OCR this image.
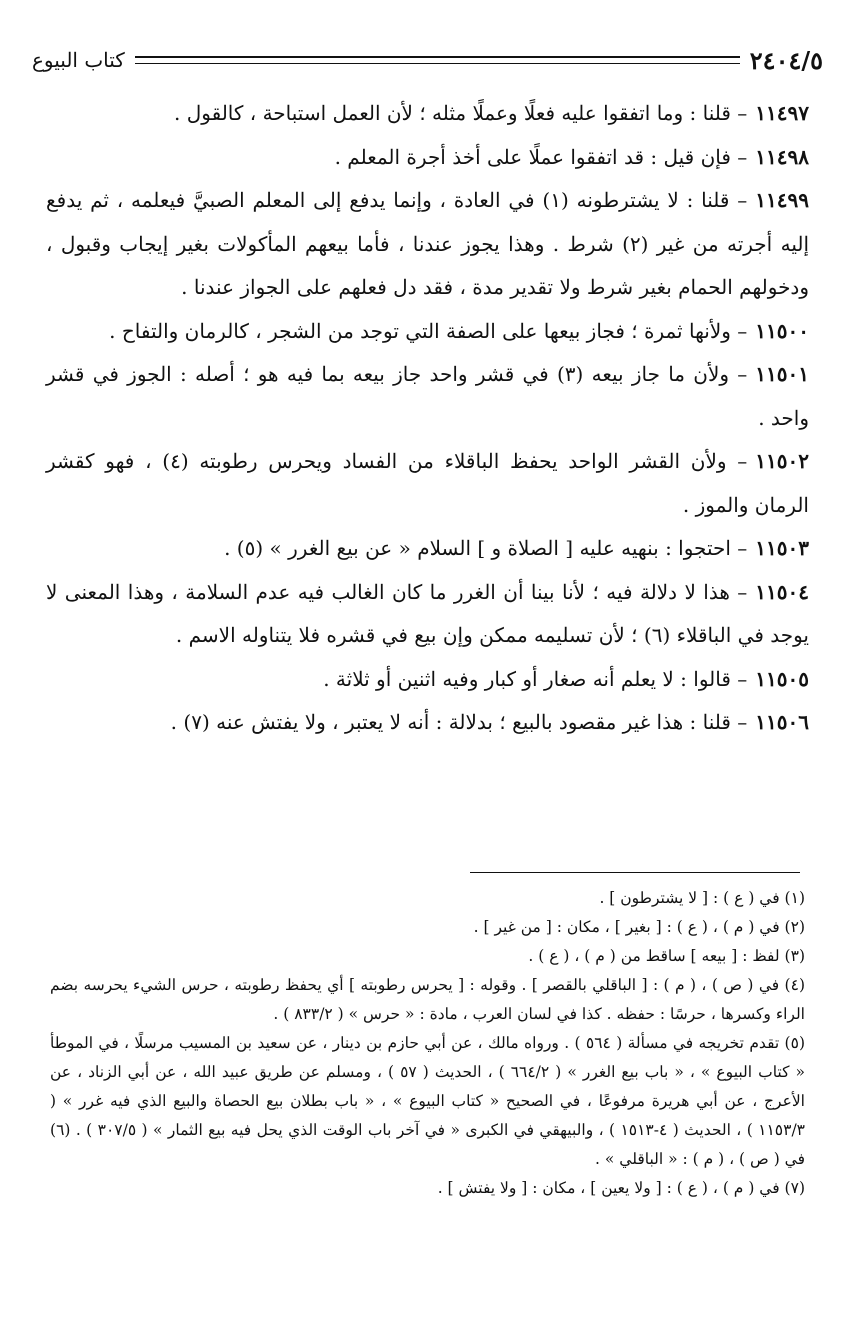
٢٤٠٤/٥
كتاب البيوع

١١٤٩٧– قلنا : وما اتفقوا عليه فعلًا وعملًا مثله ؛ لأن العمل استباحة ، كالقول .

١١٤٩٨– فإن قيل : قد اتفقوا عملًا على أخذ أجرة المعلم .

١١٤٩٩– قلنا : لا يشترطونه (١) في العادة ، وإنما يدفع إلى المعلم الصبيَّ فيعلمه ، ثم يدفع إليه أجرته من غير (٢) شرط . وهذا يجوز عندنا ، فأما بيعهم المأكولات بغير إيجاب وقبول ، ودخولهم الحمام بغير شرط ولا تقدير مدة ، فقد دل فعلهم على الجواز عندنا .

١١٥٠٠– ولأنها ثمرة ؛ فجاز بيعها على الصفة التي توجد من الشجر ، كالرمان والتفاح .

١١٥٠١– ولأن ما جاز بيعه (٣) في قشر واحد جاز بيعه بما فيه هو ؛ أصله : الجوز في قشر واحد .

١١٥٠٢– ولأن القشر الواحد يحفظ الباقلاء من الفساد ويحرس رطوبته (٤) ، فهو كقشر الرمان والموز .

١١٥٠٣– احتجوا : بنهيه عليه [ الصلاة و ] السلام « عن بيع الغرر » (٥) .

١١٥٠٤– هذا لا دلالة فيه ؛ لأنا بينا أن الغرر ما كان الغالب فيه عدم السلامة ، وهذا المعنى لا يوجد في الباقلاء (٦) ؛ لأن تسليمه ممكن وإن بيع في قشره فلا يتناوله الاسم .

١١٥٠٥– قالوا : لا يعلم أنه صغار أو كبار وفيه اثنين أو ثلاثة .

١١٥٠٦– قلنا : هذا غير مقصود بالبيع ؛ بدلالة : أنه لا يعتبر ، ولا يفتش عنه (٧) .

(١) في ( ع ) : [ لا يشترطون ] .

(٢) في ( م ) ، ( ع ) : [ بغير ] ، مكان : [ من غير ] .

(٣) لفظ : [ بيعه ] ساقط من ( م ) ، ( ع ) .

(٤) في ( ص ) ، ( م ) : [ الباقلي بالقصر ] . وقوله : [ يحرس رطوبته ] أي يحفظ رطوبته ، حرس الشيء يحرسه بضم الراء وكسرها ، حرسًا : حفظه . كذا في لسان العرب ، مادة : « حرس » ( ٨٣٣/٢ ) .

(٥) تقدم تخريجه في مسألة ( ٥٦٤ ) . ورواه مالك ، عن أبي حازم بن دينار ، عن سعيد بن المسيب مرسلًا ، في الموطأ « كتاب البيوع » ، « باب بيع الغرر » ( ٦٦٤/٢ ) ، الحديث ( ٥٧ ) ، ومسلم عن طريق عبيد الله ، عن أبي الزناد ، عن الأعرج ، عن أبي هريرة مرفوعًا ، في الصحيح « كتاب البيوع » ، « باب بطلان بيع الحصاة والبيع الذي فيه غرر » ( ١١٥٣/٣ ) ، الحديث ( ٤-١٥١٣ ) ، والبيهقي في الكبرى « في آخر باب الوقت الذي يحل فيه بيع الثمار » ( ٣٠٧/٥ ) . (٦) في ( ص ) ، ( م ) : « الباقلي » .

(٧) في ( م ) ، ( ع ) : [ ولا يعين ] ، مكان : [ ولا يفتش ] .
